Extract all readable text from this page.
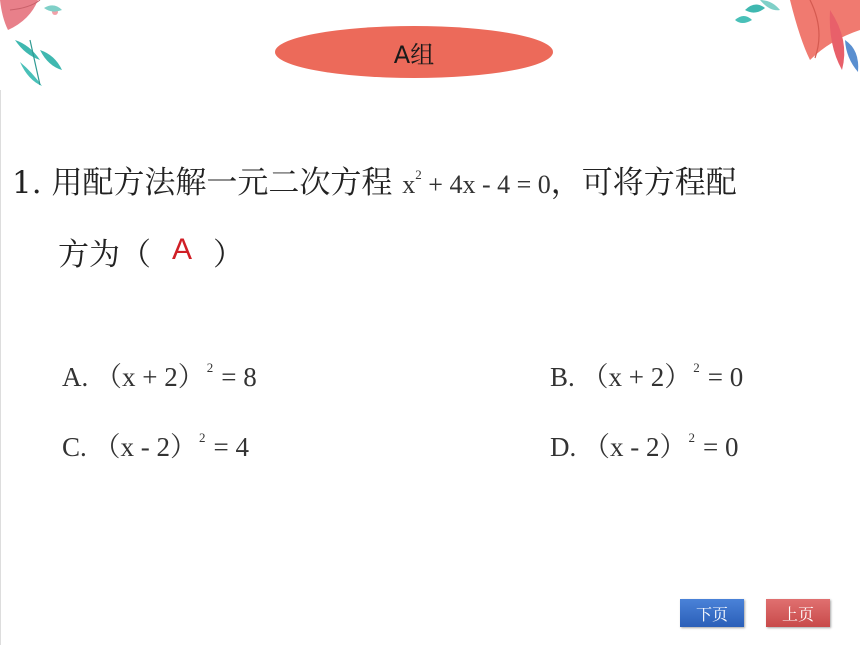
A组
1. 用配方法解一元二次方程 $x^2 + 4x - 4 = 0$，可将方程配
方为（ A ）
A. （x + 2） $^2$ = 8	B. （x + 2） $^2$ = 0
C. （x - 2） $^2$ = 4	D. （x - 2） $^2$ = 0
下页	上页
